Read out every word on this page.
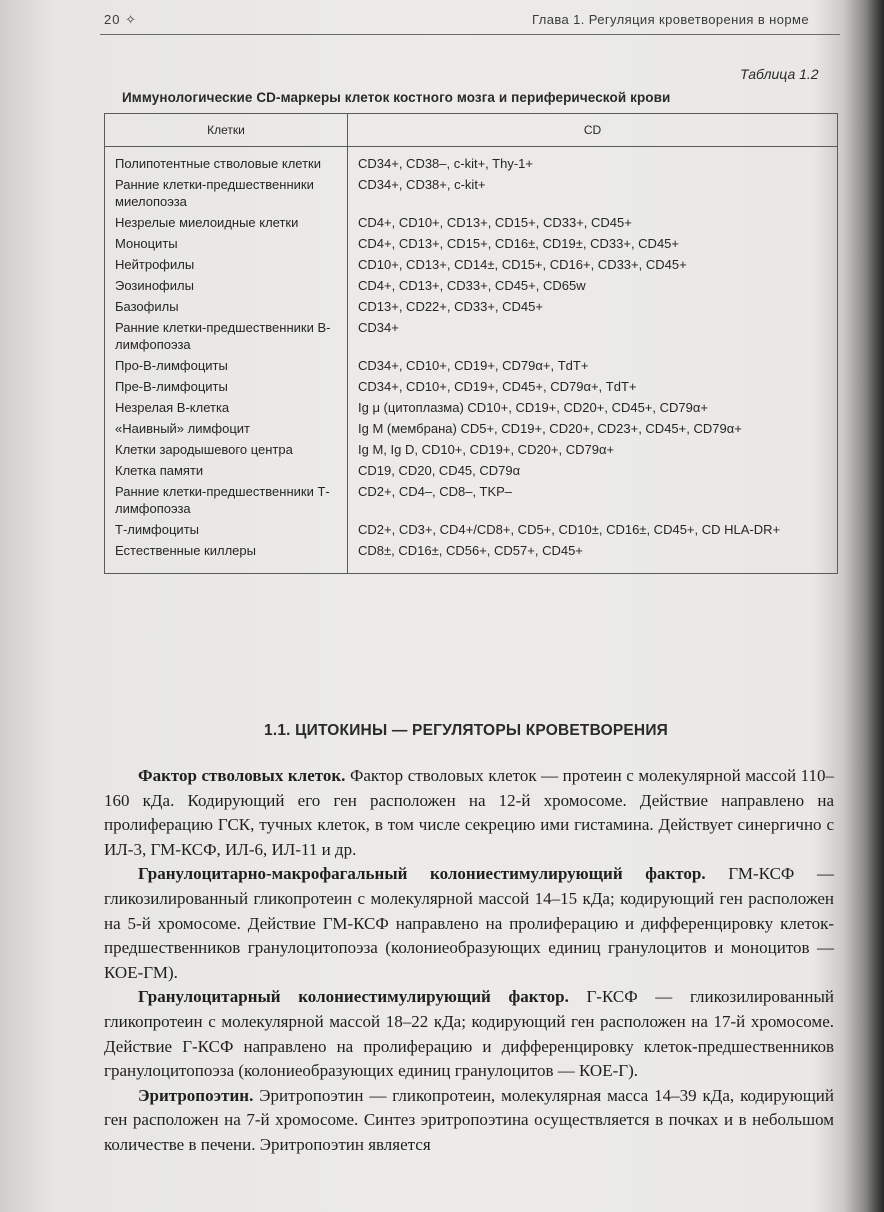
20 ✧	Глава 1. Регуляция кроветворения в норме
Таблица 1.2
Иммунологические CD-маркеры клеток костного мозга и периферической крови
Клетки	CD
Полипотентные стволовые клетки	CD34+, CD38–, c-kit+, Thy-1+
Ранние клетки-предшественники миелопоэза	CD34+, CD38+, c-kit+
Незрелые миелоидные клетки	CD4+, CD10+, CD13+, CD15+, CD33+, CD45+
Моноциты	CD4+, CD13+, CD15+, CD16±, CD19±, CD33+, CD45+
Нейтрофилы	CD10+, CD13+, CD14±, CD15+, CD16+, CD33+, CD45+
Эозинофилы	CD4+, CD13+, CD33+, CD45+, CD65w
Базофилы	CD13+, CD22+, CD33+, CD45+
Ранние клетки-предшественники В-лимфопоэза	CD34+
Про-В-лимфоциты	CD34+, CD10+, CD19+, CD79α+, TdT+
Пре-В-лимфоциты	CD34+, CD10+, CD19+, CD45+, CD79α+, TdT+
Незрелая В-клетка	Ig μ (цитоплазма) CD10+, CD19+, CD20+, CD45+, CD79α+
«Наивный» лимфоцит	Ig M (мембрана) CD5+, CD19+, CD20+, CD23+, CD45+, CD79α+
Клетки зародышевого центра	Ig M, Ig D, CD10+, CD19+, CD20+, CD79α+
Клетка памяти	CD19, CD20, CD45, CD79α
Ранние клетки-предшественники Т-лимфопоэза	CD2+, CD4–, CD8–, TKP–
Т-лимфоциты	CD2+, CD3+, CD4+/CD8+, CD5+, CD10±, CD16±, CD45+, CD HLA-DR+
Естественные киллеры	CD8±, CD16±, CD56+, CD57+, CD45+
1.1. ЦИТОКИНЫ — РЕГУЛЯТОРЫ КРОВЕТВОРЕНИЯ

Фактор стволовых клеток. Фактор стволовых клеток — протеин с молекулярной массой 110–160 кДа. Кодирующий его ген расположен на 12-й хромосоме. Действие направлено на пролиферацию ГСК, тучных клеток, в том числе секрецию ими гистамина. Действует синергично с ИЛ-3, ГМ-КСФ, ИЛ-6, ИЛ-11 и др.

Гранулоцитарно-макрофагальный колониестимулирующий фактор. ГМ-КСФ — гликозилированный гликопротеин с молекулярной массой 14–15 кДа; кодирующий ген расположен на 5-й хромосоме. Действие ГМ-КСФ направлено на пролиферацию и дифференцировку клеток-предшественников гранулоцитопоэза (колониеобразующих единиц гранулоцитов и моноцитов — КОЕ-ГМ).

Гранулоцитарный колониестимулирующий фактор. Г-КСФ — гликозилированный гликопротеин с молекулярной массой 18–22 кДа; кодирующий ген расположен на 17-й хромосоме. Действие Г-КСФ направлено на пролиферацию и дифференцировку клеток-предшественников гранулоцитопоэза (колониеобразующих единиц гранулоцитов — КОЕ-Г).

Эритропоэтин. Эритропоэтин — гликопротеин, молекулярная масса 14–39 кДа, кодирующий ген расположен на 7-й хромосоме. Синтез эритропоэтина осуществляется в почках и в небольшом количестве в печени. Эритропоэтин является
